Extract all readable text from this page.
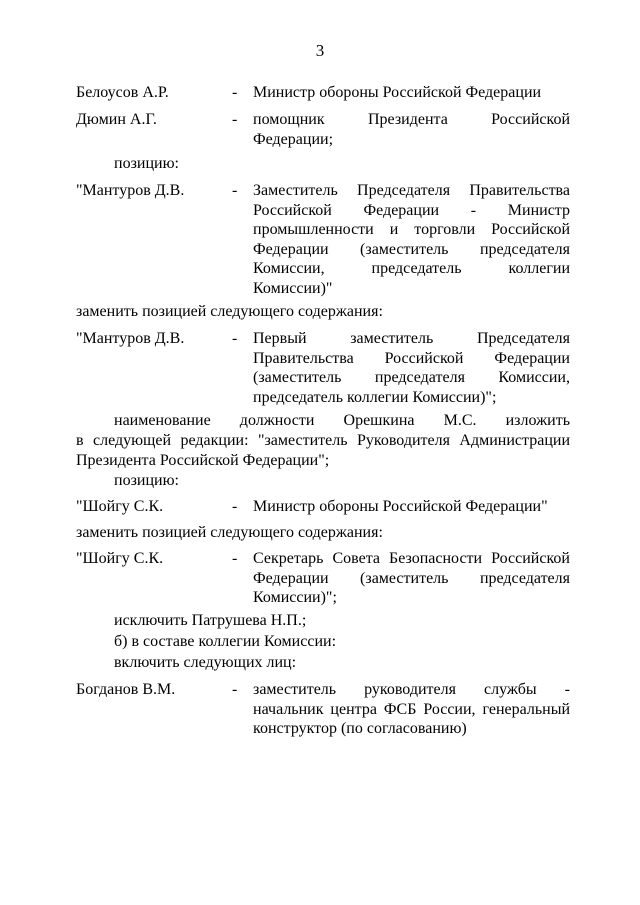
3
Белоусов А.Р.	- Министр обороны Российской Федерации
Дюмин А.Г.	- помощник Президента Российской
Федерации;
позицию:
"Мантуров Д.В.	- Заместитель Председателя Правительства
Российской Федерации - Министр
промышленности и торговли Российской
Федерации (заместитель председателя
Комиссии, председатель коллегии
Комиссии)"
заменить позицией следующего содержания:
"Мантуров Д.В.	- Первый заместитель Председателя
Правительства Российской Федерации
(заместитель председателя Комиссии,
председатель коллегии Комиссии)";
наименование должности Орешкина М.С. изложить
в следующей редакции: "заместитель Руководителя Администрации
Президента Российской Федерации";
позицию:
"Шойгу С.К.	- Министр обороны Российской Федерации"
заменить позицией следующего содержания:
"Шойгу С.К.	- Секретарь Совета Безопасности Российской
Федерации (заместитель председателя
Комиссии)";
исключить Патрушева Н.П.;
б) в составе коллегии Комиссии:
включить следующих лиц:
Богданов В.М.	- заместитель руководителя службы -
начальник центра ФСБ России, генеральный
конструктор (по согласованию)
